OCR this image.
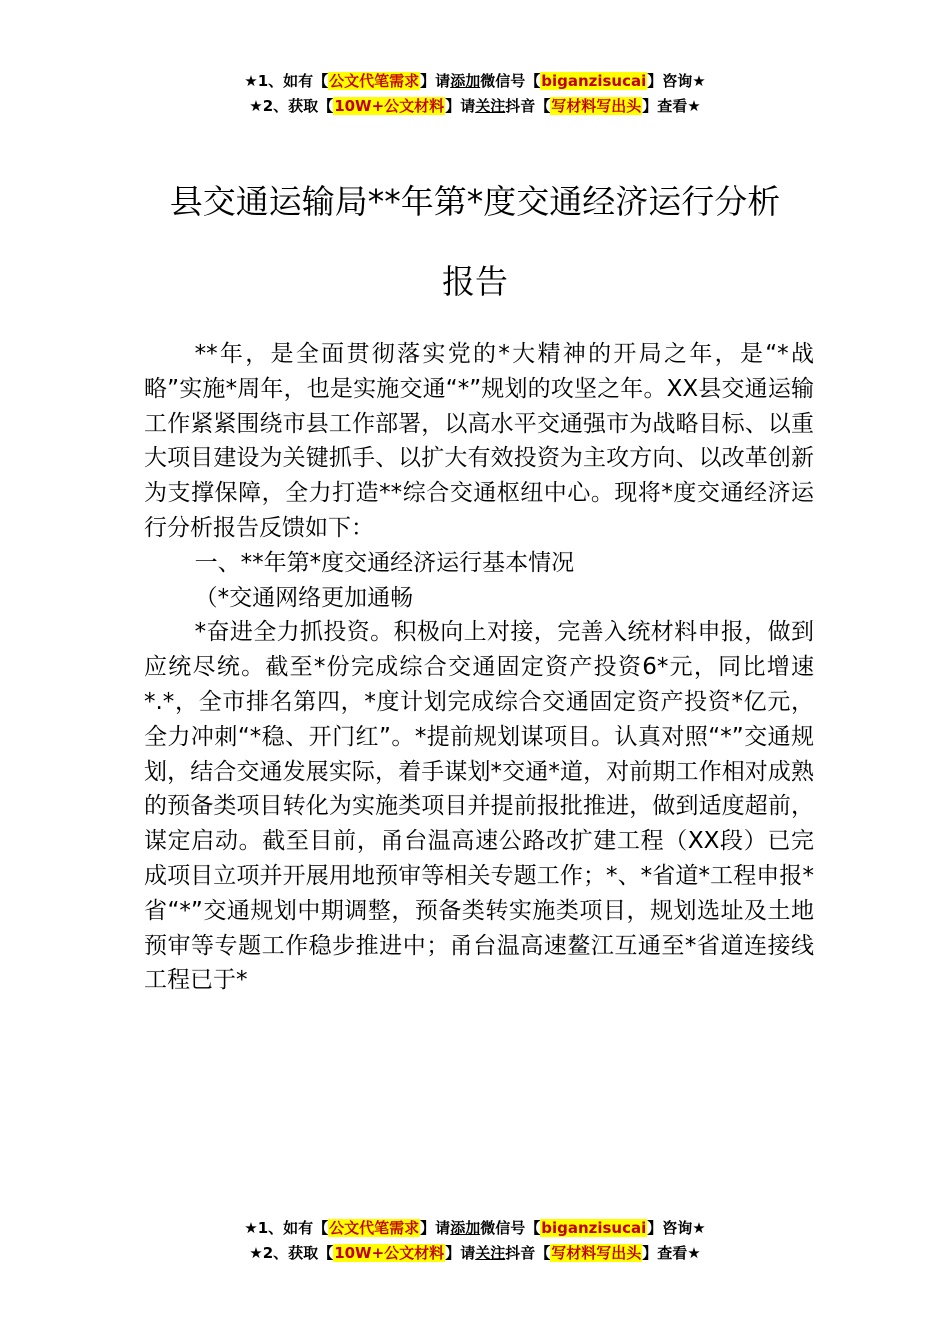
★1、如有【公文代笔需求】请添加微信号【biganzisucai】咨询★
★2、获取【10W+公文材料】请关注抖音【写材料写出头】查看★
县交通运输局**年第*度交通经济运行分析
报告

**年，是全面贯彻落实党的*大精神的开局之年，是“*战略”实施*周年，也是实施交通“*”规划的攻坚之年。XX县交通运输工作紧紧围绕市县工作部署，以高水平交通强市为战略目标、以重大项目建设为关键抓手、以扩大有效投资为主攻方向、以改革创新为支撑保障，全力打造**综合交通枢纽中心。现将*度交通经济运行分析报告反馈如下：

一、**年第*度交通经济运行基本情况

（*交通网络更加通畅

*奋进全力抓投资。积极向上对接，完善入统材料申报，做到应统尽统。截至*份完成综合交通固定资产投资6*元，同比增速*.*，全市排名第四，*度计划完成综合交通固定资产投资*亿元，全力冲刺“*稳、开门红”。*提前规划谋项目。认真对照“*”交通规划，结合交通发展实际，着手谋划*交通*道，对前期工作相对成熟的预备类项目转化为实施类项目并提前报批推进，做到适度超前，谋定启动。截至目前，甬台温高速公路改扩建工程（XX段）已完成项目立项并开展用地预审等相关专题工作；*、*省道*工程申报*省“*”交通规划中期调整，预备类转实施类项目，规划选址及土地预审等专题工作稳步推进中；甬台温高速鳌江互通至*省道连接线工程已于*

★1、如有【公文代笔需求】请添加微信号【biganzisucai】咨询★
★2、获取【10W+公文材料】请关注抖音【写材料写出头】查看★
